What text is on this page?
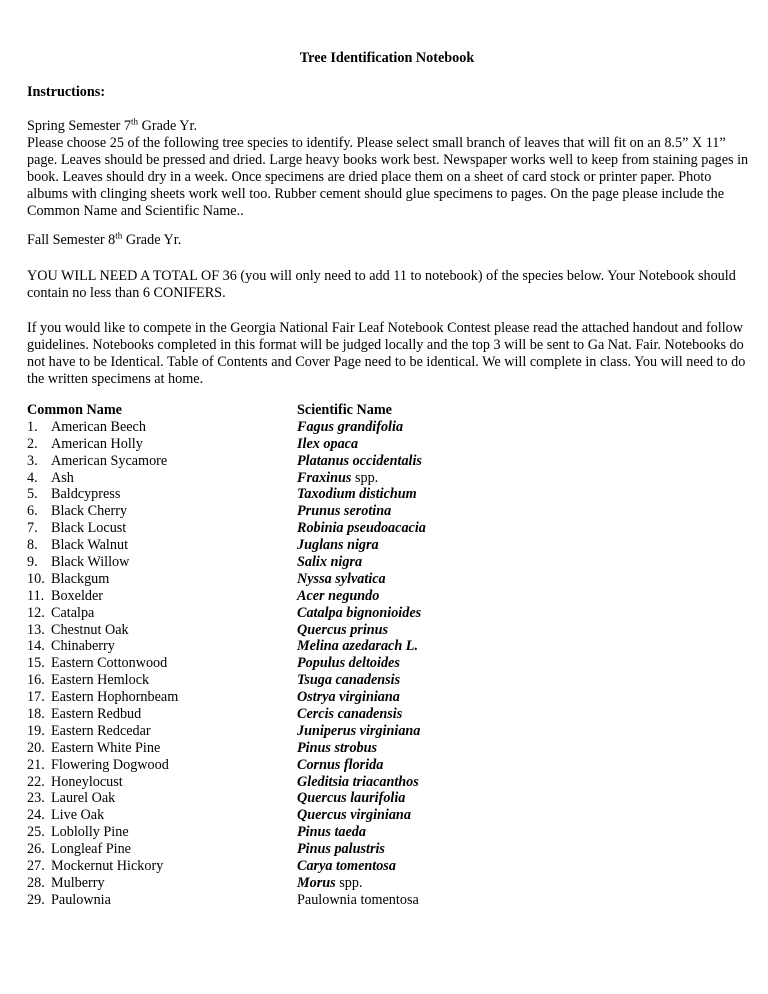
Tree Identification Notebook
Instructions:
Spring Semester 7th Grade Yr.
Please choose 25 of the following tree species to identify. Please select small branch of leaves that will fit on an 8.5” X 11” page. Leaves should be pressed and dried. Large heavy books work best. Newspaper works well to keep from staining pages in book. Leaves should dry in a week. Once specimens are dried place them on a sheet of card stock or printer paper. Photo albums with clinging sheets work well too. Rubber cement should glue specimens to pages. On the page please include the Common Name and Scientific Name..
Fall Semester 8th Grade Yr.
YOU WILL NEED A TOTAL OF 36 (you will only need to add 11 to notebook) of the species below. Your Notebook should contain no less than 6 CONIFERS.
If you would like to compete in the Georgia National Fair Leaf Notebook Contest please read the attached handout and follow guidelines. Notebooks completed in this format will be judged locally and the top 3 will be sent to Ga Nat. Fair. Notebooks do not have to be Identical. Table of Contents and Cover Page need to be identical. We will complete in class. You will need to do the written specimens at home.
Common Name	Scientific Name
1. American Beech	Fagus grandifolia
2. American Holly	Ilex opaca
3. American Sycamore	Platanus occidentalis
4. Ash	Fraxinus spp.
5. Baldcypress	Taxodium distichum
6. Black Cherry	Prunus serotina
7. Black Locust	Robinia pseudoacacia
8. Black Walnut	Juglans nigra
9. Black Willow	Salix nigra
10. Blackgum	Nyssa sylvatica
11. Boxelder	Acer negundo
12. Catalpa	Catalpa bignonioides
13. Chestnut Oak	Quercus prinus
14. Chinaberry	Melina azedarach L.
15. Eastern Cottonwood	Populus deltoides
16. Eastern Hemlock	Tsuga canadensis
17. Eastern Hophornbeam	Ostrya virginiana
18. Eastern Redbud	Cercis canadensis
19. Eastern Redcedar	Juniperus virginiana
20. Eastern White Pine	Pinus strobus
21. Flowering Dogwood	Cornus florida
22. Honeylocust	Gleditsia triacanthos
23. Laurel Oak	Quercus laurifolia
24. Live Oak	Quercus virginiana
25. Loblolly Pine	Pinus taeda
26. Longleaf Pine	Pinus palustris
27. Mockernut Hickory	Carya tomentosa
28. Mulberry	Morus spp.
29. Paulownia	Paulownia tomentosa
